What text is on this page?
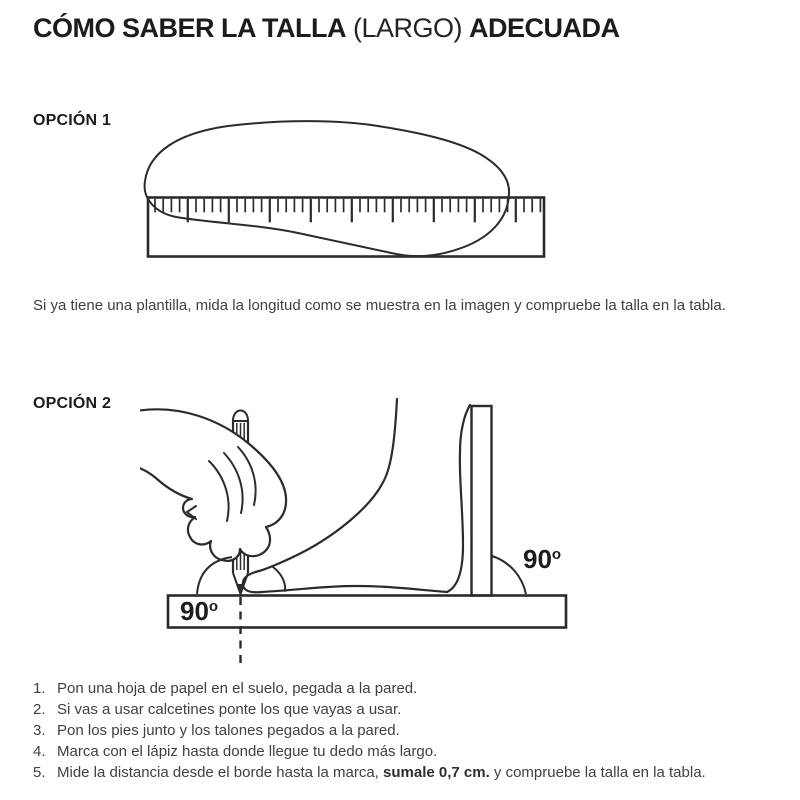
CÓMO SABER LA TALLA (LARGO) ADECUADA
OPCIÓN 1
Si ya tiene una plantilla, mida la longitud como se muestra en la imagen y compruebe la talla en la tabla.
OPCIÓN 2
90$^o$
90$^o$
1. Pon una hoja de papel en el suelo, pegada a la pared.
2. Si vas a usar calcetines ponte los que vayas a usar.
3. Pon los pies junto y los talones pegados a la pared.
4. Marca con el lápiz hasta donde llegue tu dedo más largo.
5. Mide la distancia desde el borde hasta la marca, sumale 0,7 cm. y compruebe la talla en la tabla.
